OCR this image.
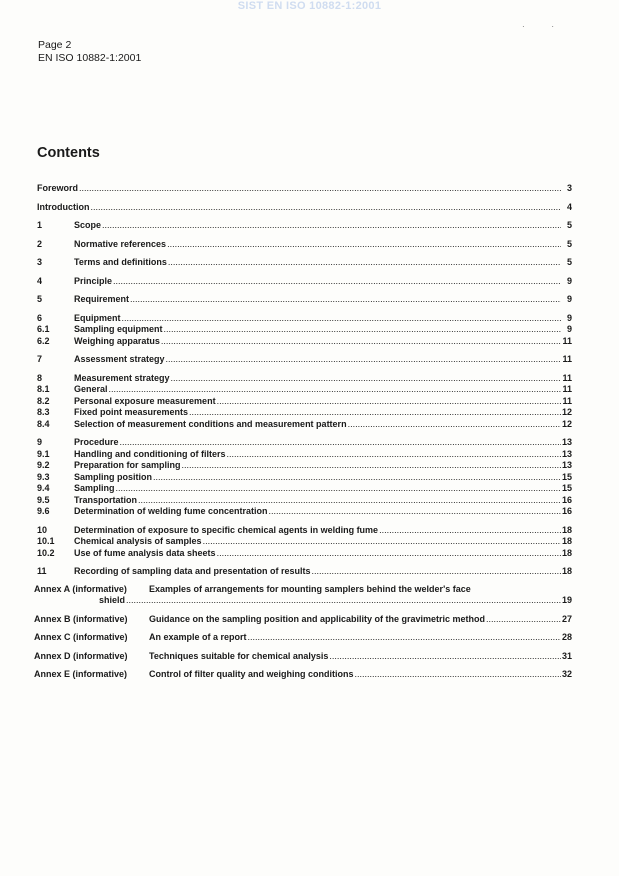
SIST EN ISO 10882-1:2001
·            ·
Page 2
EN ISO 10882-1:2001
Contents
Foreword .....	3
Introduction .....	4
1	Scope .....	5
2	Normative references .....	5
3	Terms and definitions .....	5
4	Principle .....	9
5	Requirement .....	9
6	Equipment .....	9
6.1	Sampling equipment .....	9
6.2	Weighing apparatus .....	11
7	Assessment strategy .....	11
8	Measurement strategy .....	11
8.1	General .....	11
8.2	Personal exposure measurement .....	11
8.3	Fixed point measurements .....	12
8.4	Selection of measurement conditions and measurement pattern .....	12
9	Procedure .....	13
9.1	Handling and conditioning of filters .....	13
9.2	Preparation for sampling .....	13
9.3	Sampling position .....	15
9.4	Sampling .....	15
9.5	Transportation .....	16
9.6	Determination of welding fume concentration .....	16
10	Determination of exposure to specific chemical agents in welding fume .....	18
10.1	Chemical analysis of samples .....	18
10.2	Use of fume analysis data sheets .....	18
11	Recording of sampling data and presentation of results .....	18
Annex A (informative)	Examples of arrangements for mounting samplers behind the welder's face
shield .....	19
Annex B (informative)	Guidance on the sampling position and applicability of the gravimetric method .....	27
Annex C (informative)	An example of a report .....	28
Annex D (informative)	Techniques suitable for chemical analysis .....	31
Annex E (informative)	Control of filter quality and weighing conditions .....	32
